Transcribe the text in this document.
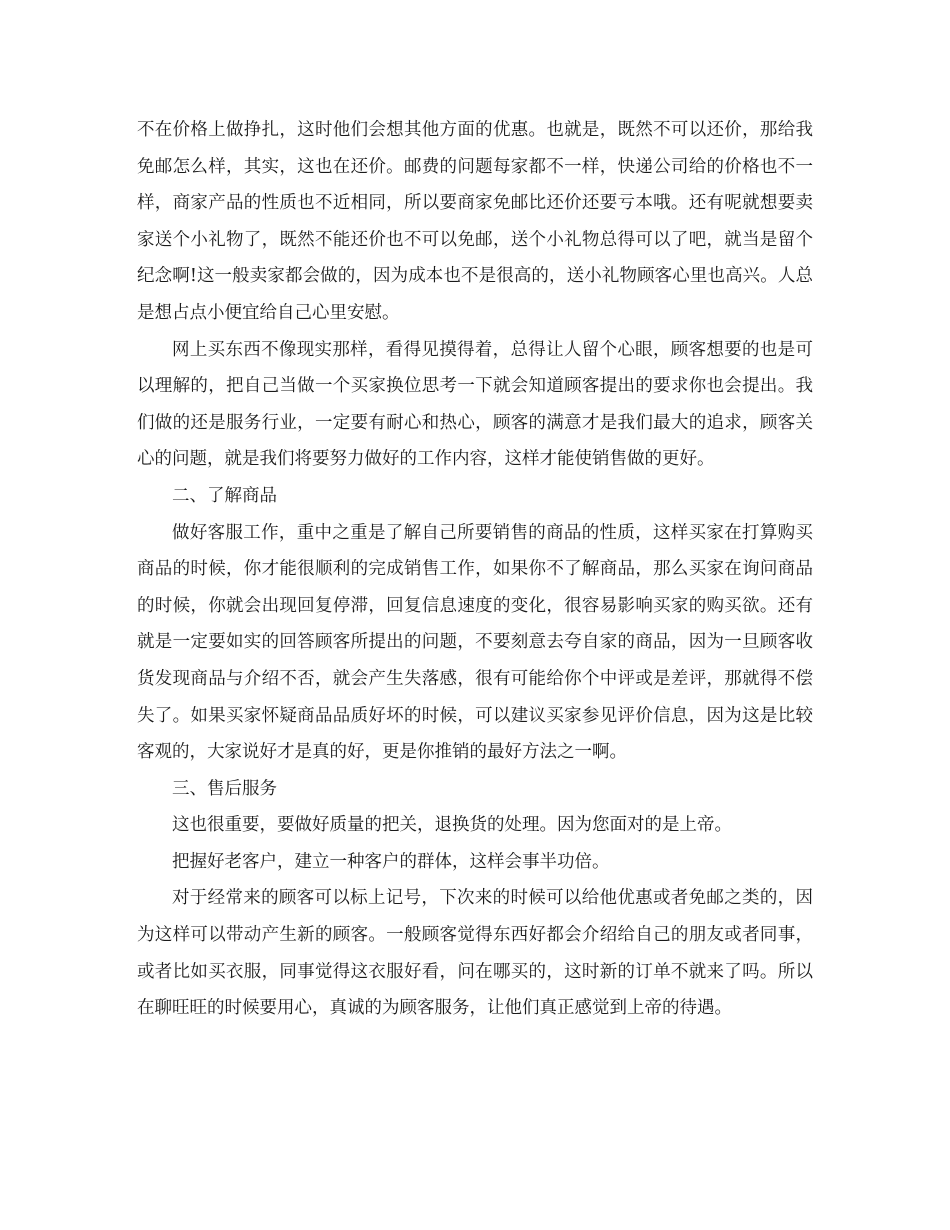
不在价格上做挣扎，这时他们会想其他方面的优惠。也就是，既然不可以还价，那给我免邮怎么样，其实，这也在还价。邮费的问题每家都不一样，快递公司给的价格也不一样，商家产品的性质也不近相同，所以要商家免邮比还价还要亏本哦。还有呢就想要卖家送个小礼物了，既然不能还价也不可以免邮，送个小礼物总得可以了吧，就当是留个纪念啊!这一般卖家都会做的，因为成本也不是很高的，送小礼物顾客心里也高兴。人总是想占点小便宜给自己心里安慰。

网上买东西不像现实那样，看得见摸得着，总得让人留个心眼，顾客想要的也是可以理解的，把自己当做一个买家换位思考一下就会知道顾客提出的要求你也会提出。我们做的还是服务行业，一定要有耐心和热心，顾客的满意才是我们最大的追求，顾客关心的问题，就是我们将要努力做好的工作内容，这样才能使销售做的更好。

二、了解商品

做好客服工作，重中之重是了解自己所要销售的商品的性质，这样买家在打算购买商品的时候，你才能很顺利的完成销售工作，如果你不了解商品，那么买家在询问商品的时候，你就会出现回复停滞，回复信息速度的变化，很容易影响买家的购买欲。还有就是一定要如实的回答顾客所提出的问题，不要刻意去夸自家的商品，因为一旦顾客收货发现商品与介绍不否，就会产生失落感，很有可能给你个中评或是差评，那就得不偿失了。如果买家怀疑商品品质好坏的时候，可以建议买家参见评价信息，因为这是比较客观的，大家说好才是真的好，更是你推销的最好方法之一啊。

三、售后服务

这也很重要，要做好质量的把关，退换货的处理。因为您面对的是上帝。

把握好老客户，建立一种客户的群体，这样会事半功倍。

对于经常来的顾客可以标上记号，下次来的时候可以给他优惠或者免邮之类的，因为这样可以带动产生新的顾客。一般顾客觉得东西好都会介绍给自己的朋友或者同事，或者比如买衣服，同事觉得这衣服好看，问在哪买的，这时新的订单不就来了吗。所以在聊旺旺的时候要用心，真诚的为顾客服务，让他们真正感觉到上帝的待遇。
